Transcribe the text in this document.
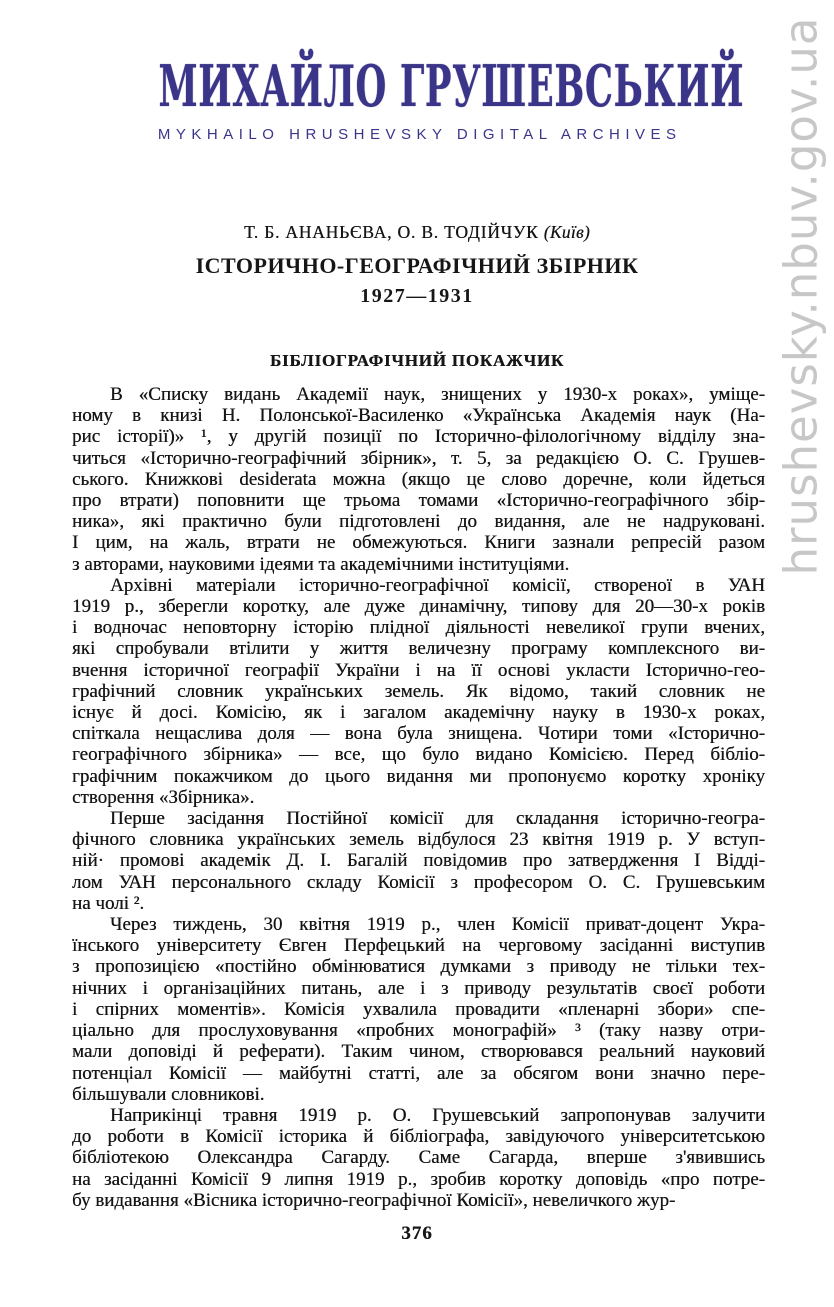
МИХАЙЛО ГРУШЕВСЬКИЙ
MYKHAILO HRUSHEVSKY DIGITAL ARCHIVES	hrushevsky.nbuv.gov.ua
Т. Б. АНАНЬЄВА, О. В. ТОДІЙЧУК (Київ)
ІСТОРИЧНО-ГЕОГРАФІЧНИЙ ЗБІРНИК
1927—1931
БІБЛІОГРАФІЧНИЙ ПОКАЖЧИК
В «Списку видань Академії наук, знищених у 1930-х роках», уміще-
ному в книзі Н. Полонської-Василенко «Українська Академія наук (На-
рис історії)» ¹, у другій позиції по Історично-філологічному відділу зна-
читься «Історично-географічний збірник», т. 5, за редакцією О. С. Грушев-
ського. Книжкові desiderata можна (якщо це слово доречне, коли йдеться
про втрати) поповнити ще трьома томами «Історично-географічного збір-
ника», які практично були підготовлені до видання, але не надруковані.
І цим, на жаль, втрати не обмежуються. Книги зазнали репресій разом
з авторами, науковими ідеями та академічними інституціями.
Архівні матеріали історично-географічної комісії, створеної в УАН
1919 р., зберегли коротку, але дуже динамічну, типову для 20—30-х років
і водночас неповторну історію плідної діяльності невеликої групи вчених,
які спробували втілити у життя величезну програму комплексного ви-
вчення історичної географії України і на її основі укласти Історично-гео-
графічний словник українських земель. Як відомо, такий словник не
існує й досі. Комісію, як і загалом академічну науку в 1930-х роках,
спіткала нещаслива доля — вона була знищена. Чотири томи «Історично-
географічного збірника» — все, що було видано Комісією. Перед бібліо-
графічним покажчиком до цього видання ми пропонуємо коротку хроніку
створення «Збірника».
Перше засідання Постійної комісії для складання історично-геогра-
фічного словника українських земель відбулося 23 квітня 1919 р. У вступ-
ній· промові академік Д. І. Багалій повідомив про затвердження І Відді-
лом УАН персонального складу Комісії з професором О. С. Грушевським
на чолі ².
Через тиждень, 30 квітня 1919 р., член Комісії приват-доцент Укра-
їнського університету Євген Перфецький на черговому засіданні виступив
з пропозицією «постійно обмінюватися думками з приводу не тільки тех-
нічних і організаційних питань, але і з приводу результатів своєї роботи
і спірних моментів». Комісія ухвалила провадити «пленарні збори» спе-
ціально для прослуховування «пробних монографій» ³ (таку назву отри-
мали доповіді й реферати). Таким чином, створювався реальний науковий
потенціал Комісії — майбутні статті, але за обсягом вони значно пере-
більшували словникові.
Наприкінці травня 1919 р. О. Грушевський запропонував залучити
до роботи в Комісії історика й бібліографа, завідуючого університетською
бібліотекою Олександра Сагарду. Саме Сагарда, вперше з'явившись
на засіданні Комісії 9 липня 1919 р., зробив коротку доповідь «про потре-
бу видавання «Вісника історично-географічної Комісії», невеличкого жур-
376
